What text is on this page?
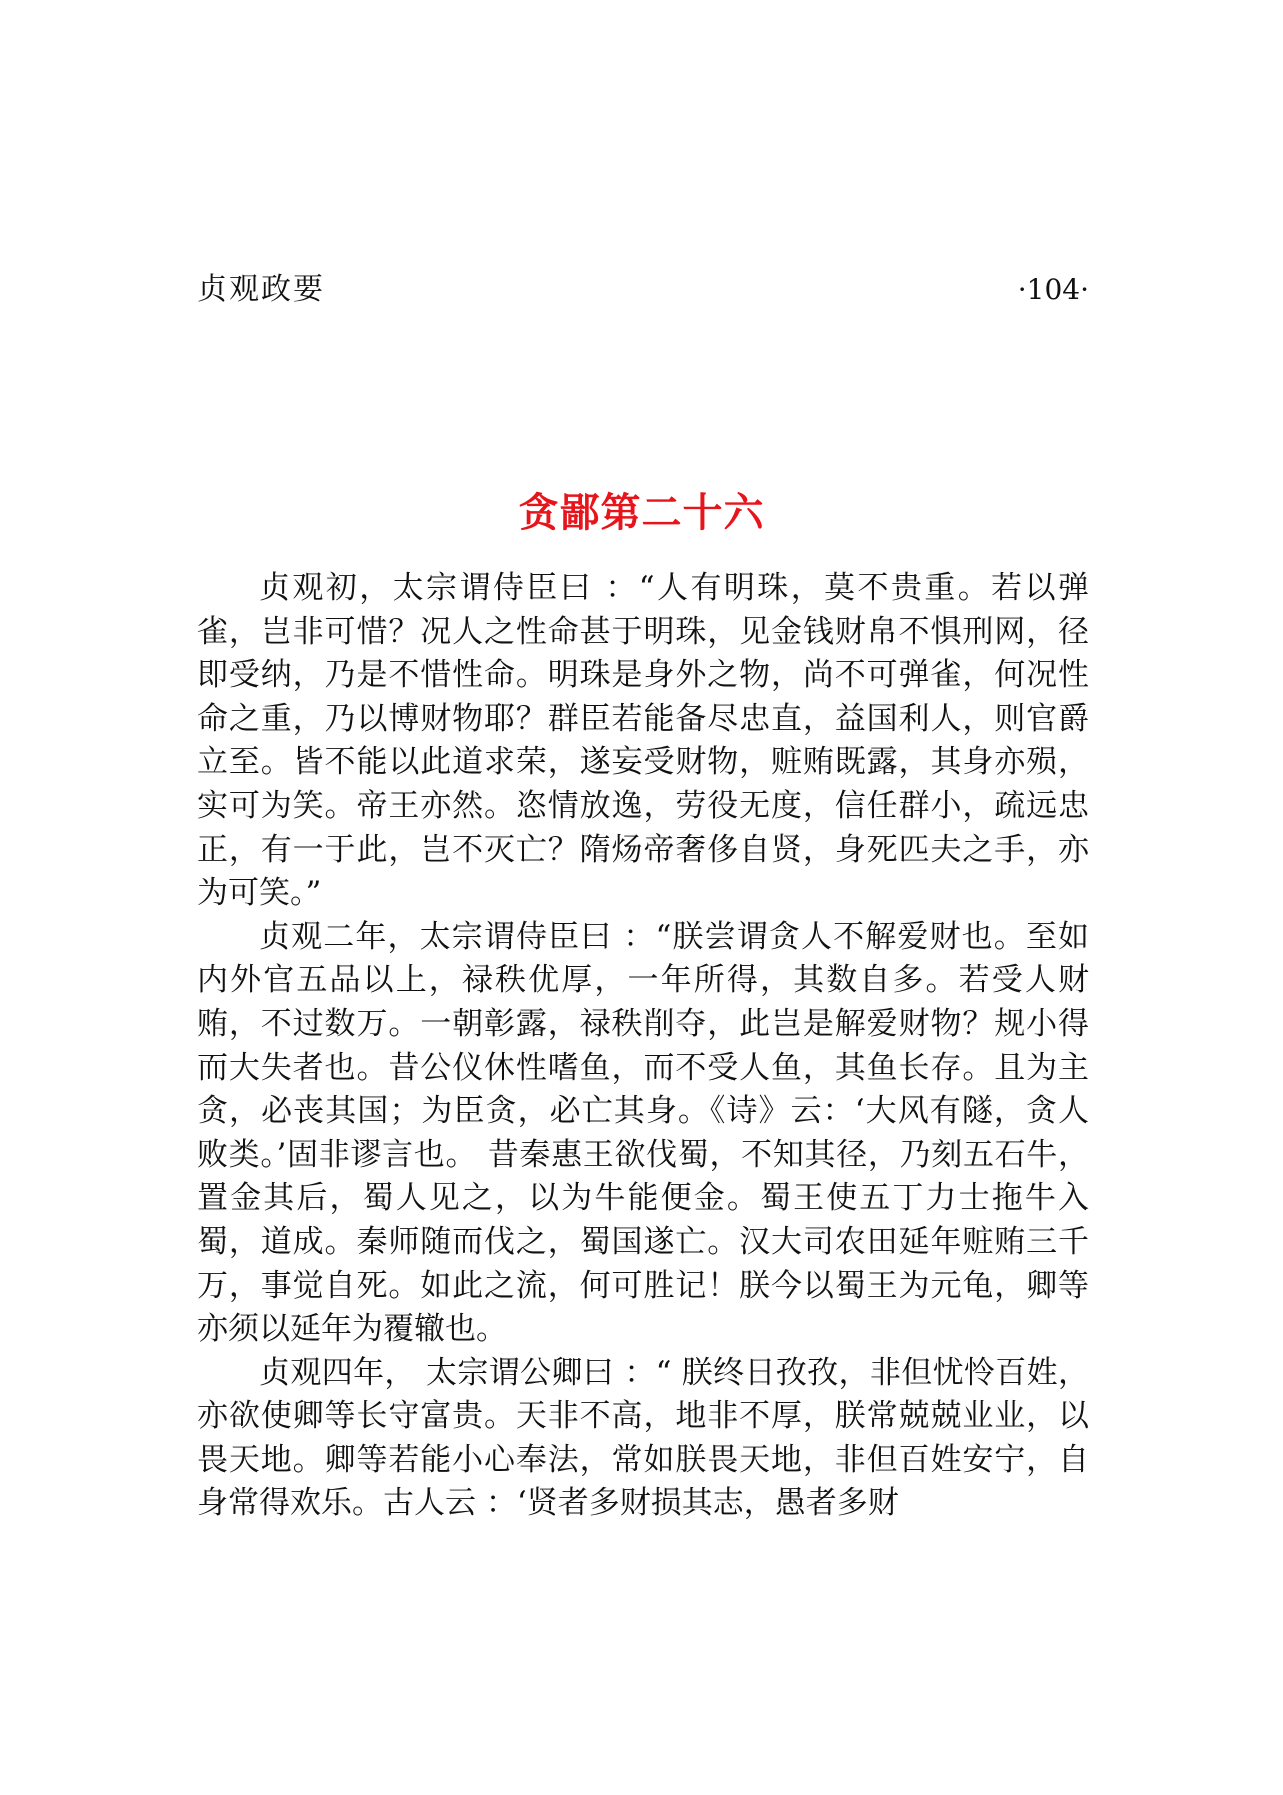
贞观政要	·104·
贪鄙第二十六

贞观初，太宗谓侍臣曰 ：“人有明珠，莫不贵重。若以弹雀，岂非可惜？况人之性命甚于明珠，见金钱财帛不惧刑网，径即受纳，乃是不惜性命。明珠是身外之物，尚不可弹雀，何况性命之重，乃以博财物耶？群臣若能备尽忠直，益国利人，则官爵立至。皆不能以此道求荣，遂妄受财物，赃贿既露，其身亦殒，实可为笑。帝王亦然。恣情放逸，劳役无度，信任群小，疏远忠正，有一于此，岂不灭亡？隋炀帝奢侈自贤，身死匹夫之手，亦为可笑。”

贞观二年，太宗谓侍臣曰 ：“朕尝谓贪人不解爱财也。至如内外官五品以上，禄秩优厚，一年所得，其数自多。若受人财贿，不过数万。一朝彰露，禄秩削夺，此岂是解爱财物？规小得而大失者也。昔公仪休性嗜鱼，而不受人鱼，其鱼长存。且为主贪，必丧其国；为臣贪，必亡其身。《诗》云：‘大风有隧，贪人败类。’固非谬言也。 昔秦惠王欲伐蜀，不知其径，乃刻五石牛，置金其后，蜀人见之，以为牛能便金。蜀王使五丁力士拖牛入蜀，道成。秦师随而伐之，蜀国遂亡。汉大司农田延年赃贿三千万，事觉自死。如此之流，何可胜记！朕今以蜀王为元龟，卿等亦须以延年为覆辙也。

贞观四年， 太宗谓公卿曰 ：“ 朕终日孜孜，非但忧怜百姓，亦欲使卿等长守富贵。天非不高，地非不厚，朕常兢兢业业，以畏天地。卿等若能小心奉法，常如朕畏天地，非但百姓安宁，自身常得欢乐。古人云 ：‘贤者多财损其志，愚者多财
